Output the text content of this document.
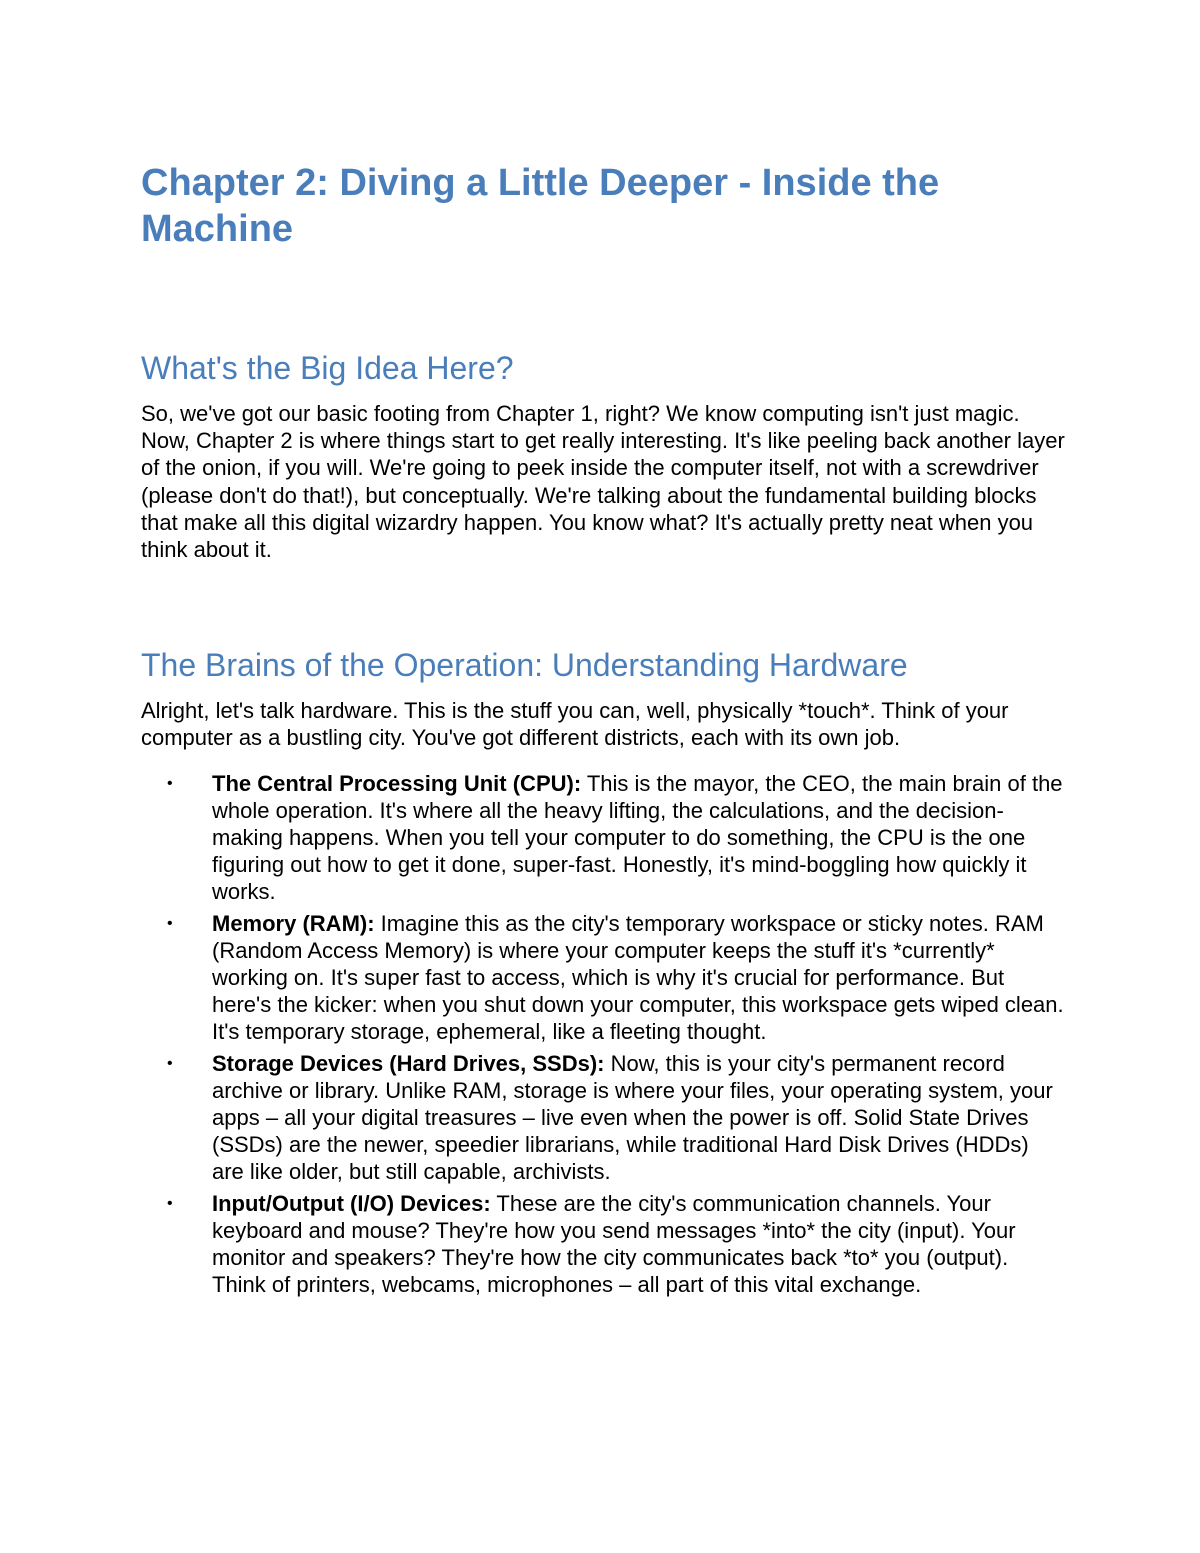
Chapter 2: Diving a Little Deeper - Inside the Machine
What's the Big Idea Here?

So, we've got our basic footing from Chapter 1, right? We know computing isn't just magic. Now, Chapter 2 is where things start to get really interesting. It's like peeling back another layer of the onion, if you will. We're going to peek inside the computer itself, not with a screwdriver (please don't do that!), but conceptually. We're talking about the fundamental building blocks that make all this digital wizardry happen. You know what? It's actually pretty neat when you think about it.

The Brains of the Operation: Understanding Hardware

Alright, let's talk hardware. This is the stuff you can, well, physically *touch*. Think of your computer as a bustling city. You've got different districts, each with its own job.

• The Central Processing Unit (CPU): This is the mayor, the CEO, the main brain of the whole operation. It's where all the heavy lifting, the calculations, and the decision-making happens. When you tell your computer to do something, the CPU is the one figuring out how to get it done, super-fast. Honestly, it's mind-boggling how quickly it works.
• Memory (RAM): Imagine this as the city's temporary workspace or sticky notes. RAM (Random Access Memory) is where your computer keeps the stuff it's *currently* working on. It's super fast to access, which is why it's crucial for performance. But here's the kicker: when you shut down your computer, this workspace gets wiped clean. It's temporary storage, ephemeral, like a fleeting thought.
• Storage Devices (Hard Drives, SSDs): Now, this is your city's permanent record archive or library. Unlike RAM, storage is where your files, your operating system, your apps – all your digital treasures – live even when the power is off. Solid State Drives (SSDs) are the newer, speedier librarians, while traditional Hard Disk Drives (HDDs) are like older, but still capable, archivists.
• Input/Output (I/O) Devices: These are the city's communication channels. Your keyboard and mouse? They're how you send messages *into* the city (input). Your monitor and speakers? They're how the city communicates back *to* you (output). Think of printers, webcams, microphones – all part of this vital exchange.
